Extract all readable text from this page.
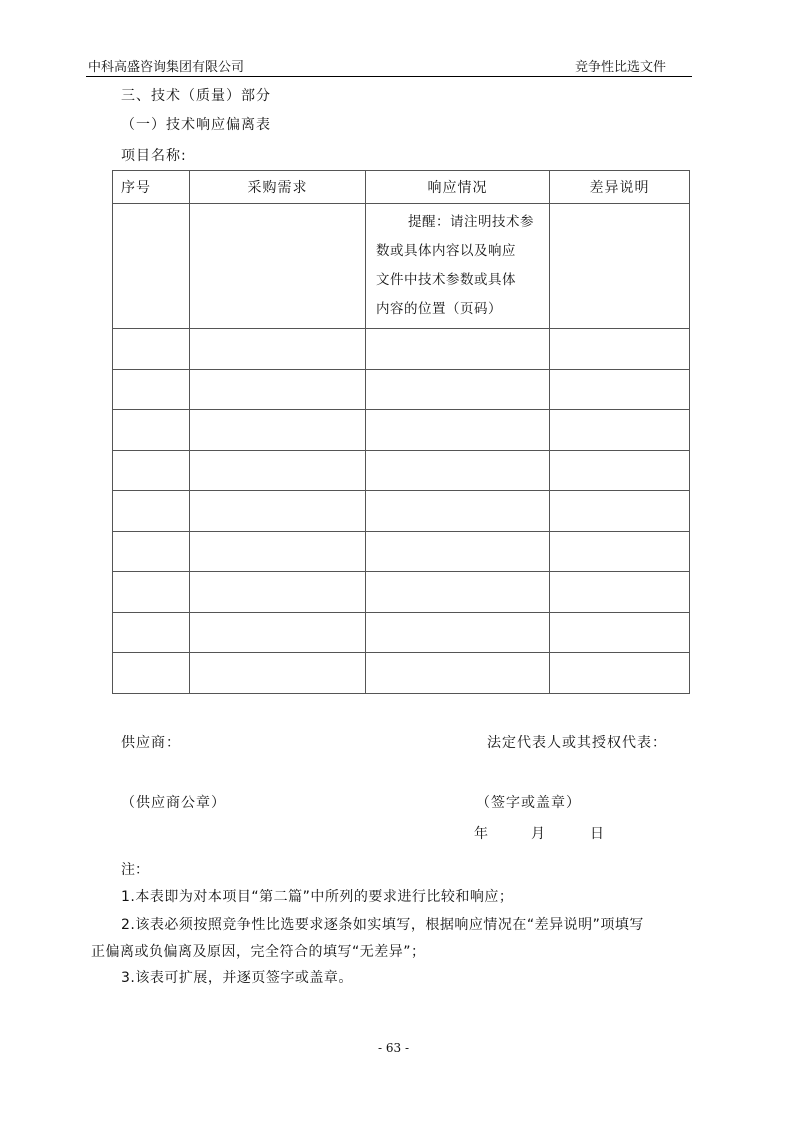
中科高盛咨询集团有限公司	竞争性比选文件
三、技术（质量）部分
（一）技术响应偏离表
项目名称:
序号	采购需求	响应情况	差异说明

		提醒：请注明技术参
数或具体内容以及响应
文件中技术参数或具体
内容的位置（页码）	

供应商：	法定代表人或其授权代表：
（供应商公章）	（签字或盖章）
年	月	日
注：
1.本表即为对本项目“第二篇”中所列的要求进行比较和响应；
2.该表必须按照竞争性比选要求逐条如实填写，根据响应情况在“差异说明”项填写
正偏离或负偏离及原因，完全符合的填写“无差异”；
3.该表可扩展，并逐页签字或盖章。
- 63 -
